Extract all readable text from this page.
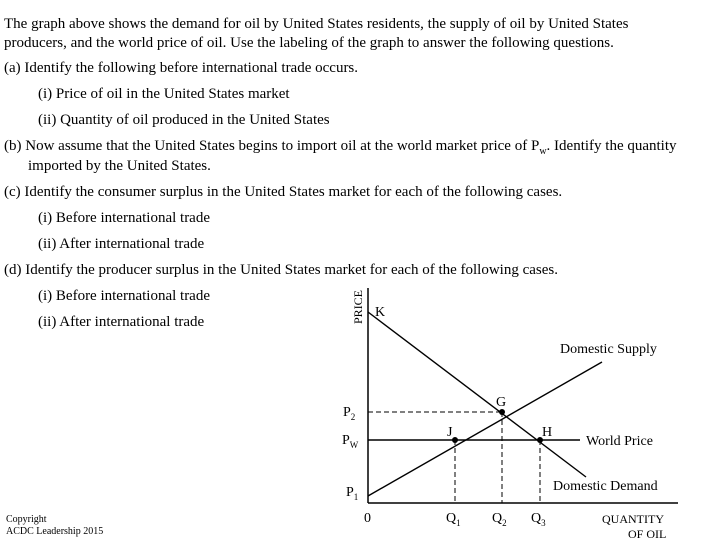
The graph above shows the demand for oil by United States residents, the supply of oil by United States
producers, and the world price of oil. Use the labeling of the graph to answer the following questions.
(a) Identify the following before international trade occurs.
(i) Price of oil in the United States market
(ii) Quantity of oil produced in the United States
(b) Now assume that the United States begins to import oil at the world market price of $P_w$. Identify the quantity
imported by the United States.
(c) Identify the consumer surplus in the United States market for each of the following cases.
(i) Before international trade
(ii) After international trade
(d) Identify the producer surplus in the United States market for each of the following cases.
(i) Before international trade
(ii) After international trade	PRICE K
G
J	H
$P_2$
$P_W$
$P_1$
0	$Q_1$ $Q_2$ $Q_3$	QUANTITY
OF OIL
Domestic Supply
World Price
Domestic Demand
Copyright
ACDC Leadership 2015
